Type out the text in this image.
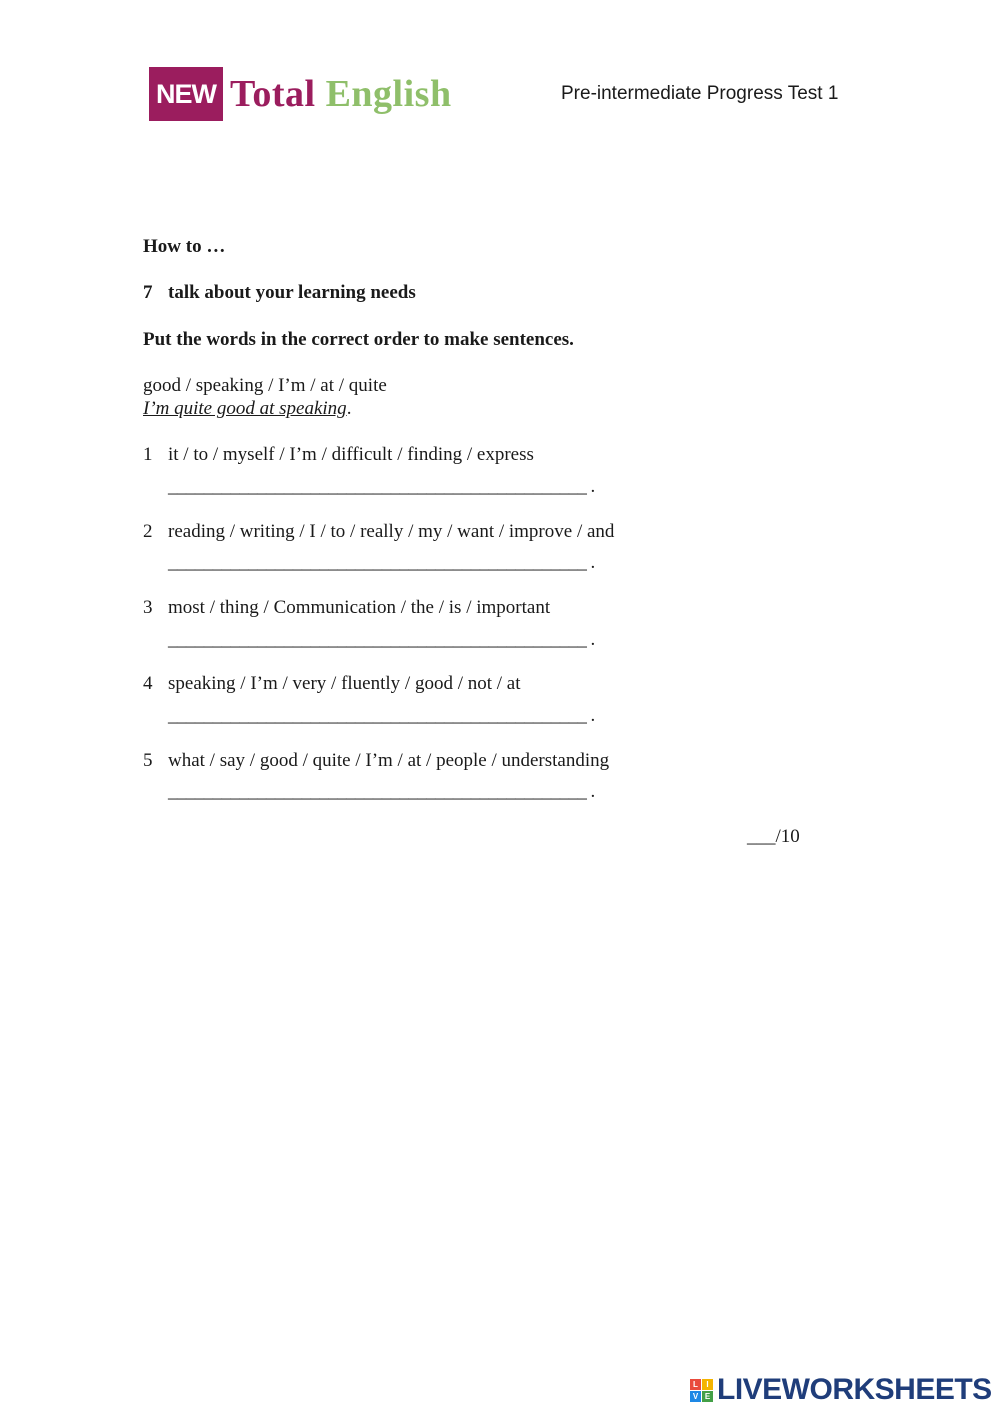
NEW Total English	Pre-intermediate Progress Test 1
How to …
7 talk about your learning needs
Put the words in the correct order to make sentences.
good / speaking / I’m / at / quite
I’m quite good at speaking.
1 it / to / myself / I’m / difficult / finding / express
_______________________________________________ .
2 reading / writing / I / to / really / my / want / improve / and
_______________________________________________ .
3 most / thing / Communication / the / is / important
_______________________________________________ .
4 speaking / I’m / very / fluently / good / not / at
_______________________________________________ .
5 what / say / good / quite / I’m / at / people / understanding
_______________________________________________ .
___/10
L	I
V E LIVEWORKSHEETS
